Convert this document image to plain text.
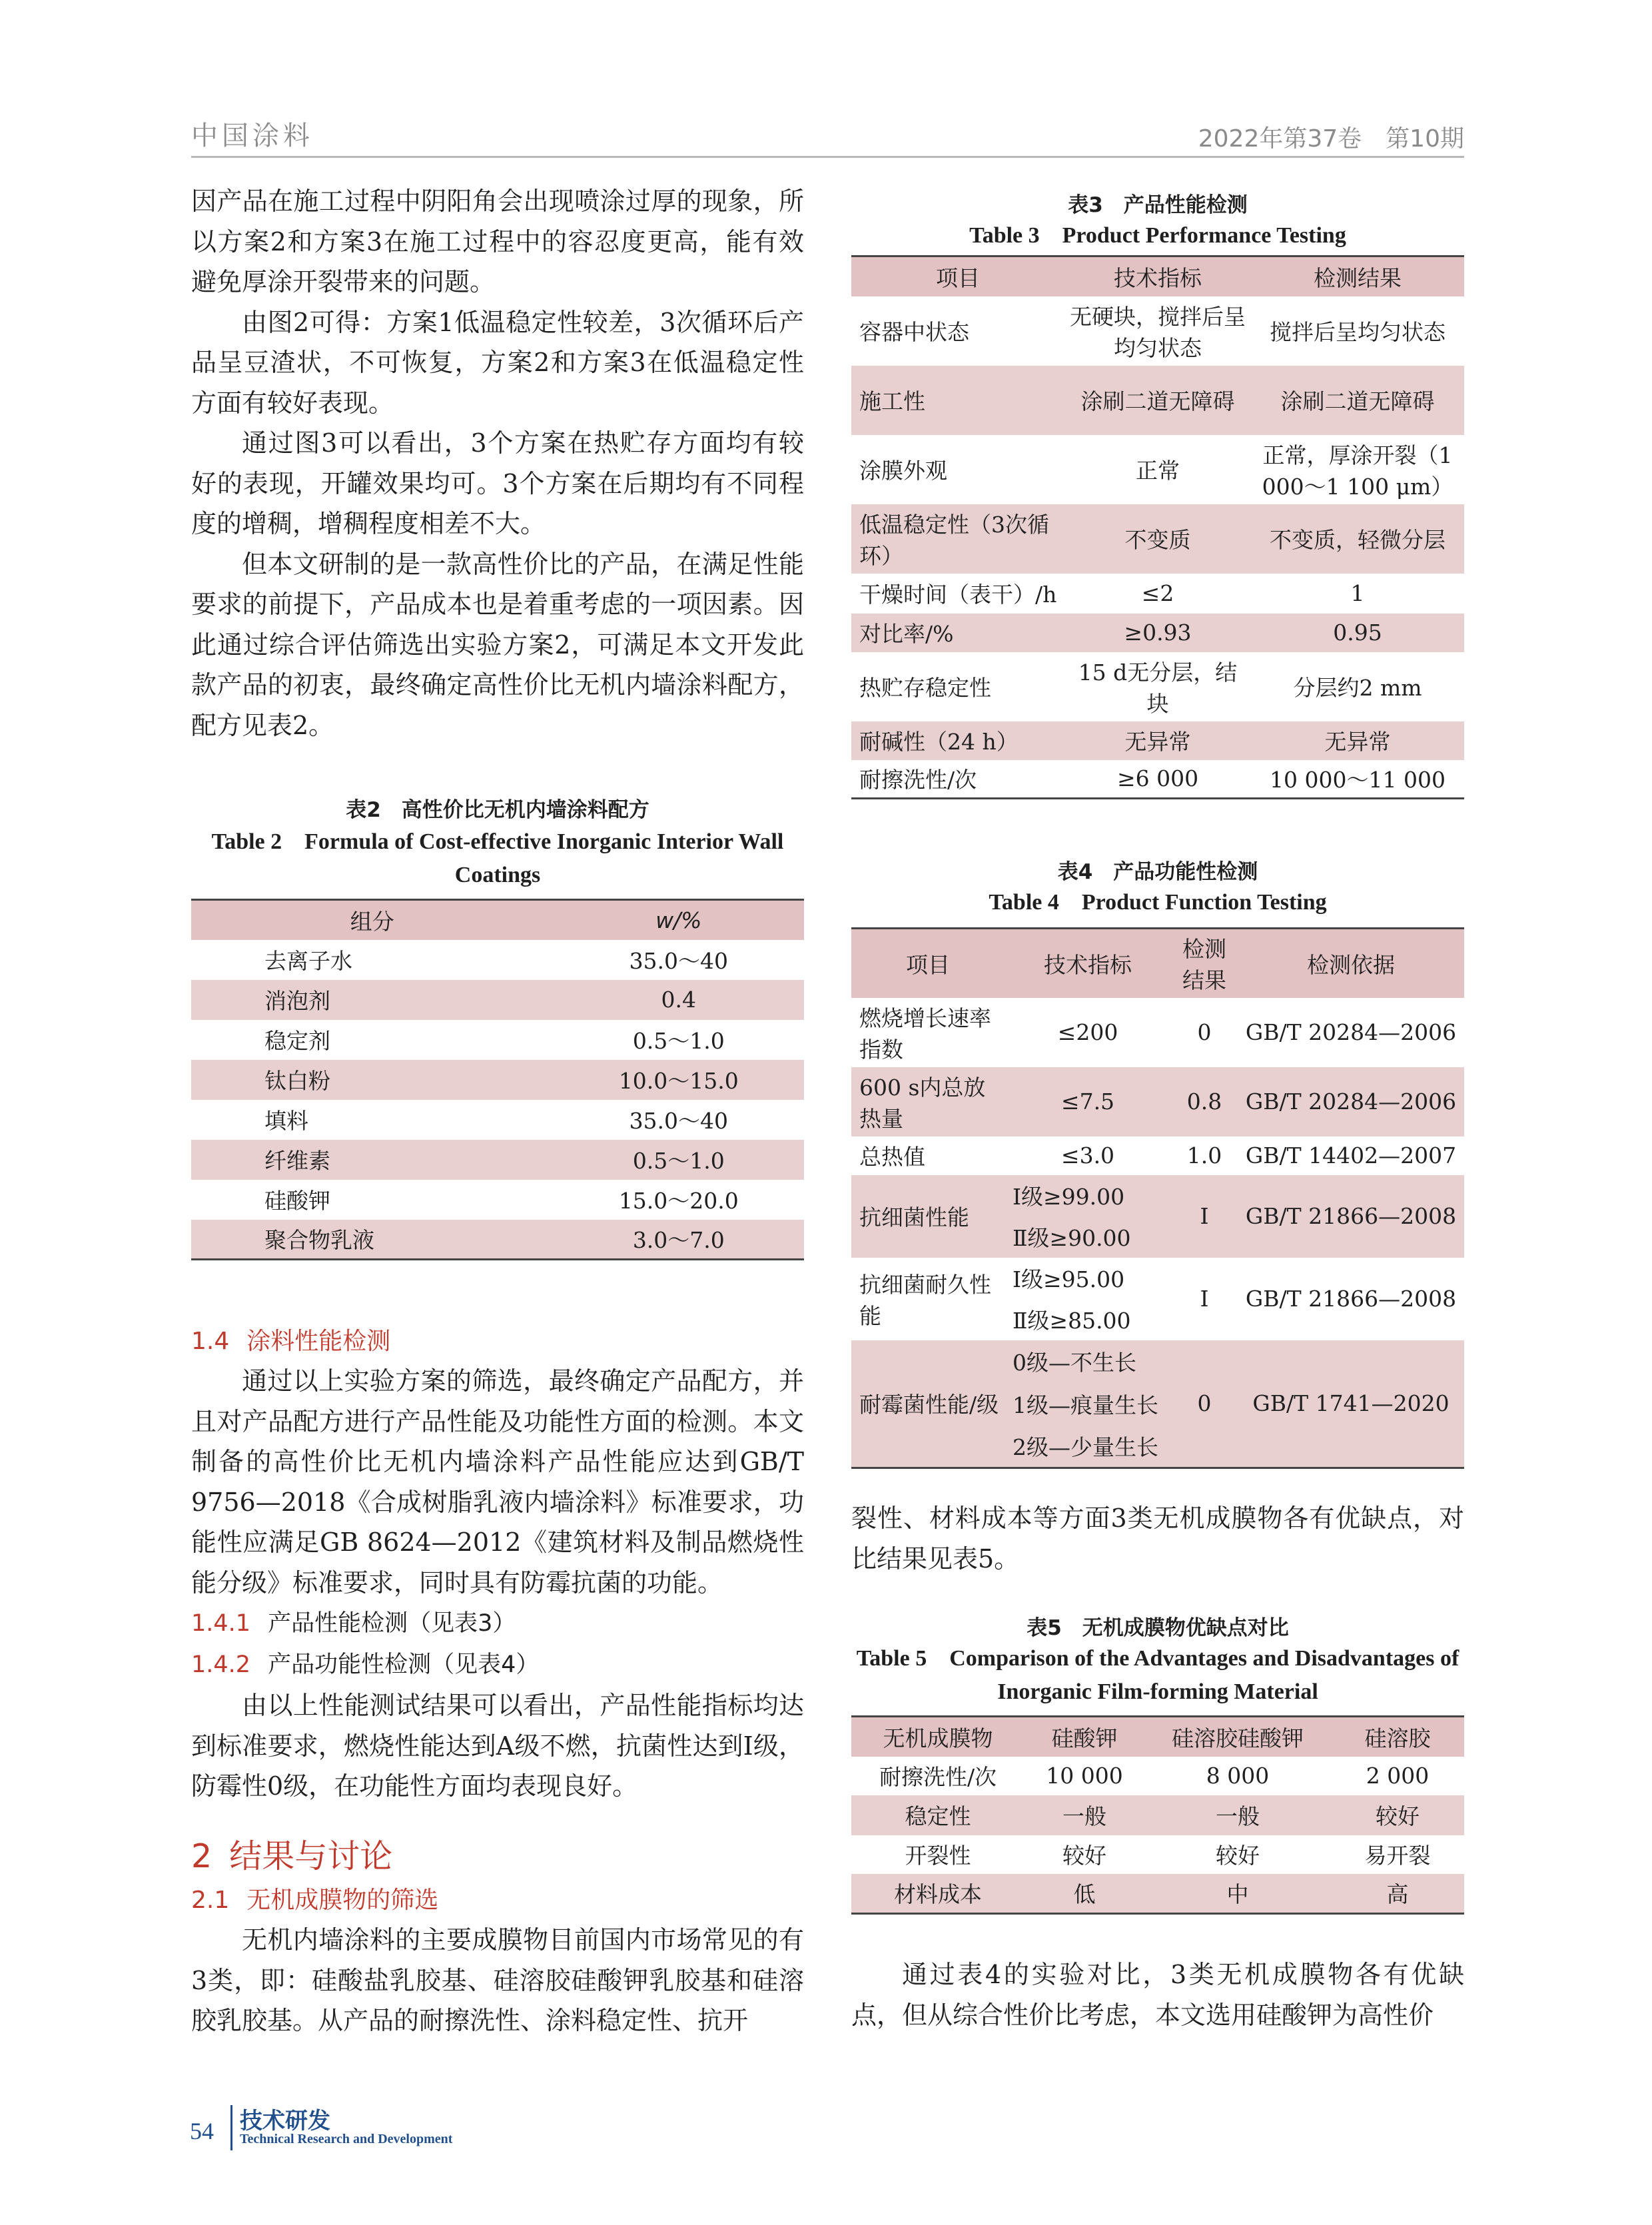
中国涂料	2022年第37卷　第10期

因产品在施工过程中阴阳角会出现喷涂过厚的现象，所以方案2和方案3在施工过程中的容忍度更高，能有效避免厚涂开裂带来的问题。

由图2可得：方案1低温稳定性较差，3次循环后产品呈豆渣状，不可恢复，方案2和方案3在低温稳定性方面有较好表现。

通过图3可以看出，3个方案在热贮存方面均有较好的表现，开罐效果均可。3个方案在后期均有不同程度的增稠，增稠程度相差不大。

但本文研制的是一款高性价比的产品，在满足性能要求的前提下，产品成本也是着重考虑的一项因素。因此通过综合评估筛选出实验方案2，可满足本文开发此款产品的初衷，最终确定高性价比无机内墙涂料配方，配方见表2。

表2　高性价比无机内墙涂料配方
Table 2　Formula of Cost-effective Inorganic Interior Wall Coatings
组分	w/%
去离子水	35.0～40
消泡剂	0.4
稳定剂	0.5～1.0
钛白粉	10.0～15.0
填料	35.0～40
纤维素	0.5～1.0
硅酸钾	15.0～20.0
聚合物乳液	3.0～7.0
1.4 涂料性能检测

通过以上实验方案的筛选，最终确定产品配方，并且对产品配方进行产品性能及功能性方面的检测。本文制备的高性价比无机内墙涂料产品性能应达到GB/T 9756—2018《合成树脂乳液内墙涂料》标准要求，功能性应满足GB 8624—2012《建筑材料及制品燃烧性能分级》标准要求，同时具有防霉抗菌的功能。

1.4.1 产品性能检测（见表3）
1.4.2 产品功能性检测（见表4）

由以上性能测试结果可以看出，产品性能指标均达到标准要求，燃烧性能达到A级不燃，抗菌性达到Ⅰ级，防霉性0级，在功能性方面均表现良好。

2 结果与讨论
2.1 无机成膜物的筛选

无机内墙涂料的主要成膜物目前国内市场常见的有3类，即：硅酸盐乳胶基、硅溶胶硅酸钾乳胶基和硅溶胶乳胶基。从产品的耐擦洗性、涂料稳定性、抗开

表3　产品性能检测
Table 3　Product Performance Testing
项目	技术指标	检测结果
容器中状态	无硬块，搅拌后呈均匀状态	搅拌后呈均匀状态
施工性	涂刷二道无障碍	涂刷二道无障碍
涂膜外观	正常	正常，厚涂开裂（1 000～1 100 μm）
低温稳定性（3次循环）	不变质	不变质，轻微分层
干燥时间（表干）/h	≤2	1
对比率/%	≥0.93	0.95
热贮存稳定性	15 d无分层，结块	分层约2 mm
耐碱性（24 h）	无异常	无异常
耐擦洗性/次	≥6 000	10 000～11 000
表4　产品功能性检测
Table 4　Product Function Testing
项目	技术指标	检测结果	检测依据
燃烧增长速率指数	≤200	0	GB/T 20284—2006
600 s内总放热量	≤7.5	0.8	GB/T 20284—2006
总热值	≤3.0	1.0	GB/T 14402—2007
抗细菌性能	Ⅰ级≥99.00	Ⅰ	GB/T 21866—2008
	Ⅱ级≥90.00		
抗细菌耐久性能	Ⅰ级≥95.00	Ⅰ	GB/T 21866—2008
	Ⅱ级≥85.00		
耐霉菌性能/级	0级—不生长	0	GB/T 1741—2020
	1级—痕量生长		
	2级—少量生长		

裂性、材料成本等方面3类无机成膜物各有优缺点，对比结果见表5。

表5　无机成膜物优缺点对比
Table 5　Comparison of the Advantages and Disadvantages of Inorganic Film-forming Material
无机成膜物	硅酸钾	硅溶胶硅酸钾	硅溶胶
耐擦洗性/次	10 000	8 000	2 000
稳定性	一般	一般	较好
开裂性	较好	较好	易开裂
材料成本	低	中	高

通过表4的实验对比，3类无机成膜物各有优缺点，但从综合性价比考虑，本文选用硅酸钾为高性价

54 技术研发
Technical Research and Development
